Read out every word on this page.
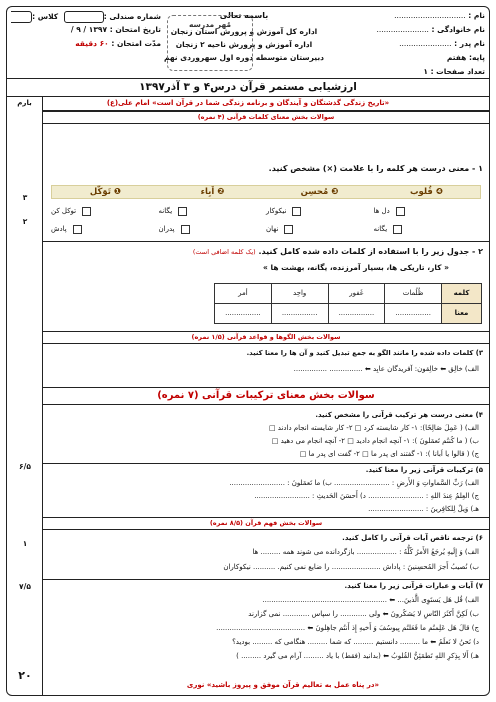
نام : ..............................
نام خانوادگی : ......................
نام پدر : ......................
پایه: هفتم
تعداد صفحات : ۱
باسمه تعالی
اداره کل آموزش و پرورش استان زنجان
اداره آموزش و پرورش ناحیه ۲ زنجان
دبیرستان متوسطه دوره اول سهروردی نهم
مُهر مدرسه
شماره صندلی : کلاس :
تاریخ امتحان : ۱۳۹۷ / ۹ /
مدّت امتحان : ۶۰ دقیقه
ارزشیابی مستمر قرآن درس۴ و ۳ آذر۱۳۹۷
«تاریخ زندگی گذشتگان و آیندگان و برنامه زندگی شما در قرآن است» امام علی(ع)
بارم
سوالات بخش معنای کلمات قرآنی (۴ نمره)
۱ - معنی درست هر کلمه را با علامت (×) مشخص کنید.
❶ تَوَکّل	❷ اَبِاء	❸ مُحسِن	❹ قُلوب
توکل کن	یگانه	نیکوکار	دل ها
پادش	پدران	نهان	یگانه
۳
۲ - جدول زیر را با استفاده از کلمات داده شده کامل کنید. (یک کلمه اضافی است)
« کار، تاریکی ها، بسیار آمرزنده، یگانه، بهشت ها »
کلمه	ظُلُمات	غَفور	واحِد	أمر
معنا	................	................	................	................
۲
سوالات بخش الگوها و قواعد قرآنی (۱/۵ نمره)
۳) کلمات داده شده را مانند الگو به جمع تبدیل کنید و آن ها را معنا کنید.
الف) خالِق ⬅ خالِقون: آفریدگان عابِد ⬅ ............... ...............
سوالات بخش معنای ترکیبات قرآنی (۷ نمره)
۴) معنی درست هر ترکیب قرآنی را مشخص کنید.
الف) ( عَمِلَ صَالِحًا): ۱- کار شایسته کرد □ ۲- کار شایسته انجام دادند □
ب) ( ما کُنتُم تَعمَلونَ ): ۱- آنچه انجام دادید □ ۲- آنچه انجام می دهید □
ج) ( قالوا یا اَبانا ): ۱- گفتند ای پدر ما □ ۲- گفت ای پدر ما □
۵) ترکیبات قرآنی زیر را معنا کنید.
الف) رَبِّ السَّماواتِ وَ الأَرضِ : ......................... ب) ما تَعمَلونَ : .........................
ج) العِلمُ عِندَ اللهِ : ......................... د) أَحسَنَ الحَدیثِ : .........................
هـ) وَیلٌ لِلکافِرینَ : .........................
۶/۵
سوالات بخش فهم قرآن (۸/۵ نمره)
۶) ترجمه ناقص آیات قرآنی را کامل کنید.
الف) وَ إِلَیهِ یُرجَعُ الأَمرُ کُلُّهُ : .................. بازگردانده می شوند همه ......... ها
ب) نُصیبُ أَجرَ المُحسِنینَ : پاداش ...................... را ضایع نمی کنیم. .......... نیکوکاران
۱
۷) آیات و عبارات قرآنی زیر را معنا کنید.
الف) قُل هَل یَستَوِی الَّذینَ... ⬅ ........................................................
ب) لَکِنَّ أَکثَرَ النّاسِ لا یَشکُرونَ ⬅ ولی ............ را سپاس ............ نمی گزارند
ج) قالَ هَل عَلِمتُم ما فَعَلتُم بِیوسُفَ وَ أَخیهِ إِذ أَنتُم جاهِلونَ ⬅ ........................................
د) نَحنُ لا نَعلَمُ ⬅ ما ......... دانستیم ......... که شما ......... هنگامی که ......... بودید؟
هـ) أَلا بِذِکرِ اللهِ تَطمَئِنُّ القُلوبُ ⬅ (بدانید (فقط) با یاد ......... آرام می گیرد ......... )
۷/۵
«در پناه عمل به تعالیم قرآن موفق و پیروز باشید» نوری
۲۰
